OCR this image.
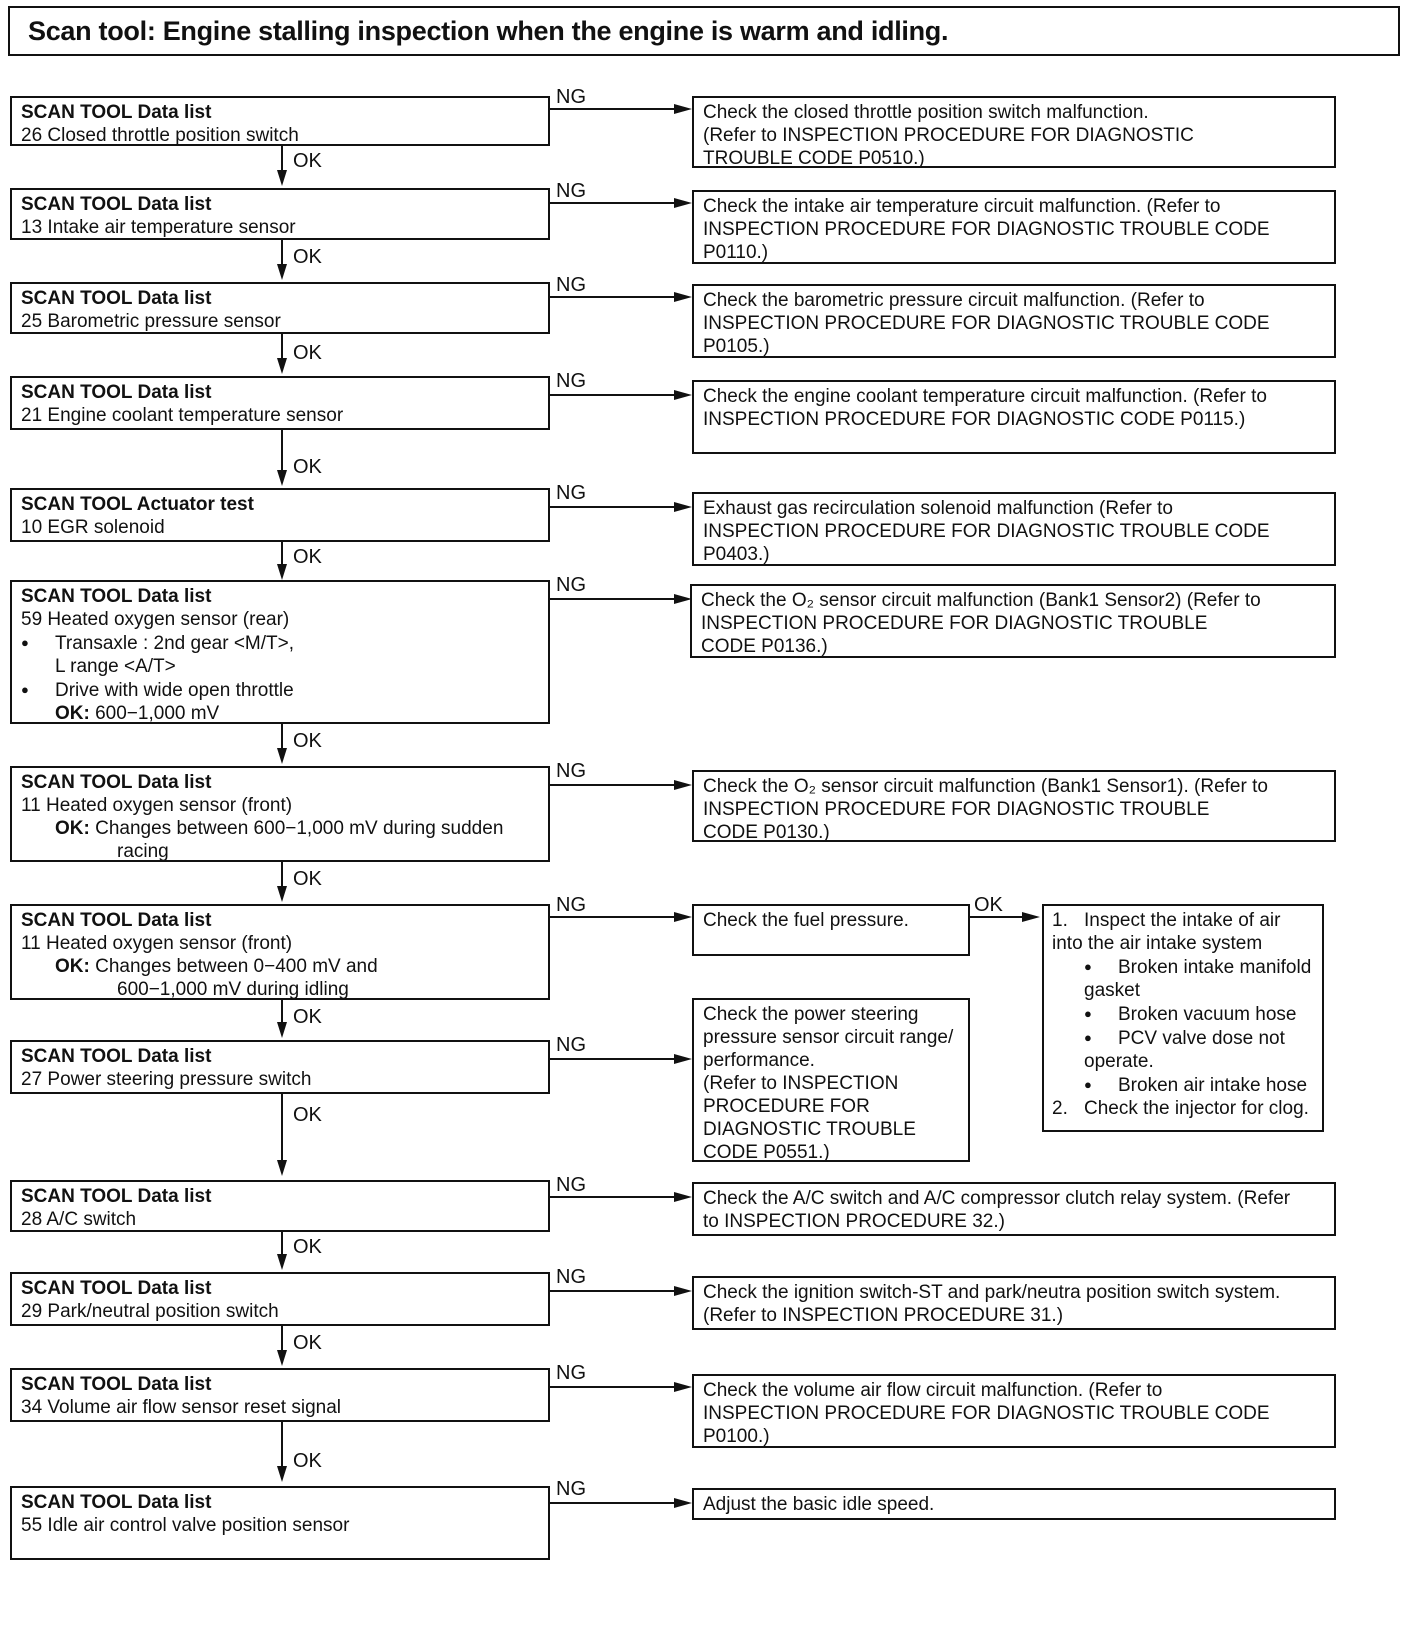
Scan tool: Engine stalling inspection when the engine is warm and idling.
SCAN TOOL Data list
26 Closed throttle position switch
NG
Check the closed throttle position switch malfunction.
(Refer to INSPECTION PROCEDURE FOR DIAGNOSTIC
TROUBLE CODE P0510.)
OK
SCAN TOOL Data list
13 Intake air temperature sensor
NG
Check the intake air temperature circuit malfunction. (Refer to
INSPECTION PROCEDURE FOR DIAGNOSTIC TROUBLE CODE
P0110.)
OK
SCAN TOOL Data list
25 Barometric pressure sensor
NG
Check the barometric pressure circuit malfunction. (Refer to
INSPECTION PROCEDURE FOR DIAGNOSTIC TROUBLE CODE
P0105.)
OK
SCAN TOOL Data list
21 Engine coolant temperature sensor
NG
Check the engine coolant temperature circuit malfunction. (Refer to
INSPECTION PROCEDURE FOR DIAGNOSTIC CODE P0115.)
OK
SCAN TOOL Actuator test
10 EGR solenoid
NG
Exhaust gas recirculation solenoid malfunction (Refer to
INSPECTION PROCEDURE FOR DIAGNOSTIC TROUBLE CODE
P0403.)
OK
SCAN TOOL Data list
59 Heated oxygen sensor (rear)
● Transaxle : 2nd gear <M/T>,
L range <A/T>
● Drive with wide open throttle
OK: 600−1,000 mV
NG
Check the O₂ sensor circuit malfunction (Bank1 Sensor2) (Refer to
INSPECTION PROCEDURE FOR DIAGNOSTIC TROUBLE
CODE P0136.)
OK
SCAN TOOL Data list
11 Heated oxygen sensor (front)
OK: Changes between 600−1,000 mV during sudden
racing
NG
Check the O₂ sensor circuit malfunction (Bank1 Sensor1). (Refer to
INSPECTION PROCEDURE FOR DIAGNOSTIC TROUBLE
CODE P0130.)
OK
SCAN TOOL Data list
11 Heated oxygen sensor (front)
OK: Changes between 0−400 mV and
600−1,000 mV during idling
NG
Check the fuel pressure.
OK
1. Inspect the intake of air into the air intake system
● Broken intake manifold gasket
● Broken vacuum hose
● PCV valve dose not operate.
● Broken air intake hose
2. Check the injector for clog.
OK
SCAN TOOL Data list
27 Power steering pressure switch
NG
Check the power steering
pressure sensor circuit range/
performance.
(Refer to INSPECTION
PROCEDURE FOR
DIAGNOSTIC TROUBLE
CODE P0551.)
OK
SCAN TOOL Data list
28 A/C switch
NG
Check the A/C switch and A/C compressor clutch relay system. (Refer
to INSPECTION PROCEDURE 32.)
OK
SCAN TOOL Data list
29 Park/neutral position switch
NG
Check the ignition switch-ST and park/neutra position switch system.
(Refer to INSPECTION PROCEDURE 31.)
OK
SCAN TOOL Data list
34 Volume air flow sensor reset signal
NG
Check the volume air flow circuit malfunction. (Refer to
INSPECTION PROCEDURE FOR DIAGNOSTIC TROUBLE CODE
P0100.)
OK
SCAN TOOL Data list
55 Idle air control valve position sensor
NG
Adjust the basic idle speed.
